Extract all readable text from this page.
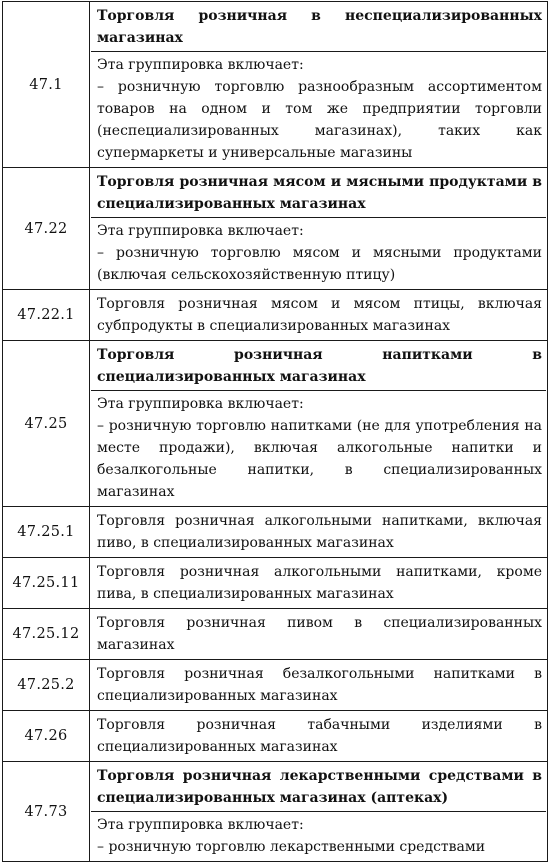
47.1	Торговля розничная в неспециализированных магазинах
Эта группировка включает:
– розничную торговлю разнообразным ассортиментом товаров на одном и том же предприятии торговли (неспециализированных магазинах), таких как супермаркеты и универсальные магазины

47.22	Торговля розничная мясом и мясными продуктами в специализированных магазинах
Эта группировка включает:
– розничную торговлю мясом и мясными продуктами (включая сельскохозяйственную птицу)

47.22.1	Торговля розничная мясом и мясом птицы, включая субпродукты в специализированных магазинах

47.25	Торговля розничная напитками в специализированных магазинах
Эта группировка включает:
– розничную торговлю напитками (не для употребления на месте продажи), включая алкогольные напитки и безалкогольные напитки, в специализированных магазинах

47.25.1	Торговля розничная алкогольными напитками, включая пиво, в специализированных магазинах

47.25.11	Торговля розничная алкогольными напитками, кроме пива, в специализированных магазинах

47.25.12	Торговля розничная пивом в специализированных магазинах

47.25.2	Торговля розничная безалкогольными напитками в специализированных магазинах

47.26	Торговля розничная табачными изделиями в специализированных магазинах

47.73	Торговля розничная лекарственными средствами в специализированных магазинах (аптеках)
Эта группировка включает:
– розничную торговлю лекарственными средствами
